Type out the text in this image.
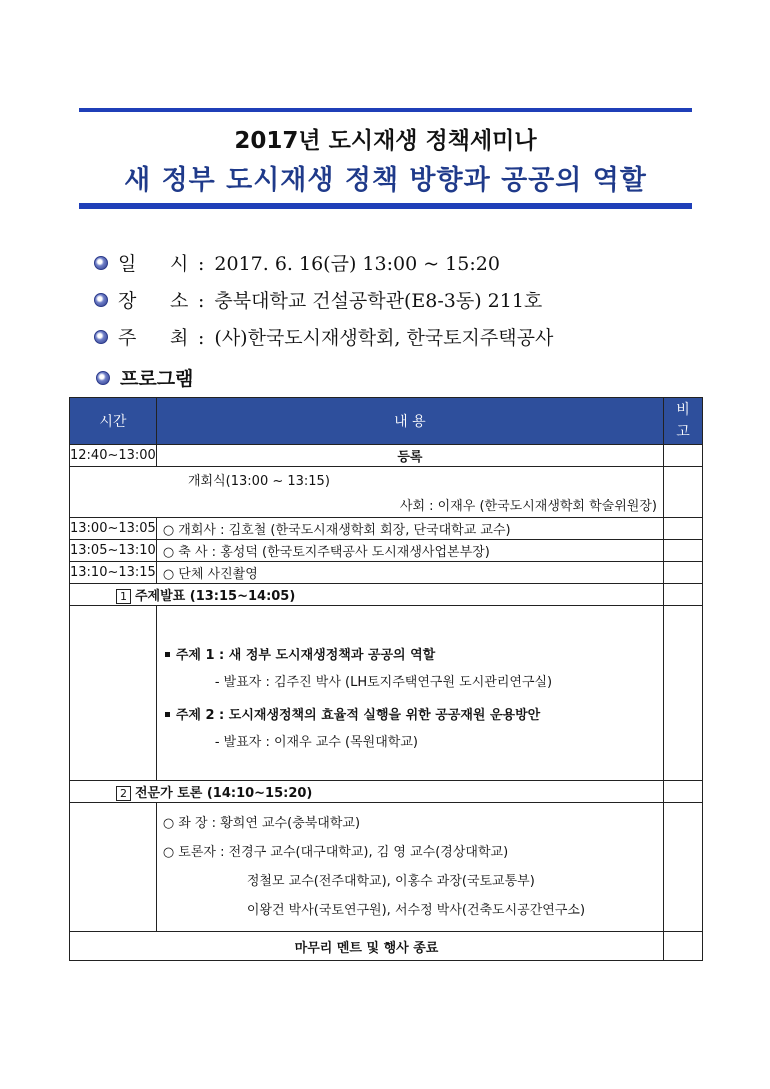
2017년 도시재생 정책세미나
새 정부 도시재생 정책 방향과 공공의 역할
일 시 : 2017. 6. 16(금) 13:00 ~ 15:20
장 소 : 충북대학교 건설공학관(E8-3동) 211호
주 최 : (사)한국도시재생학회, 한국토지주택공사
프로그램
시간	내 용	비
고

12:40~13:00	등록	

개회식(13:00 ~ 13:15)
사회 : 이재우 (한국도시재생학회 학술위원장)		

13:00~13:05	○ 개회사 : 김호철 (한국도시재생학회 회장, 단국대학교 교수)	
13:05~13:10	○ 축 사 : 홍성덕 (한국토지주택공사 도시재생사업본부장)	
13:10~13:15	○ 단체 사진촬영	
1 주제발표 (13:15~14:05)		

	주제 1 : 새 정부 도시재생정책과 공공의 역할
- 발표자 : 김주진 박사 (LH토지주택연구원 도시관리연구실)
주제 2 : 도시재생정책의 효율적 실행을 위한 공공재원 운용방안
- 발표자 : 이재우 교수 (목원대학교)	

2 전문가 토론 (14:10~15:20)		

	○ 좌 장 : 황희연 교수(충북대학교)
○ 토론자 : 전경구 교수(대구대학교), 김 영 교수(경상대학교)
정철모 교수(전주대학교), 이홍수 과장(국토교통부)
이왕건 박사(국토연구원), 서수정 박사(건축도시공간연구소)	

마무리 멘트 및 행사 종료		
